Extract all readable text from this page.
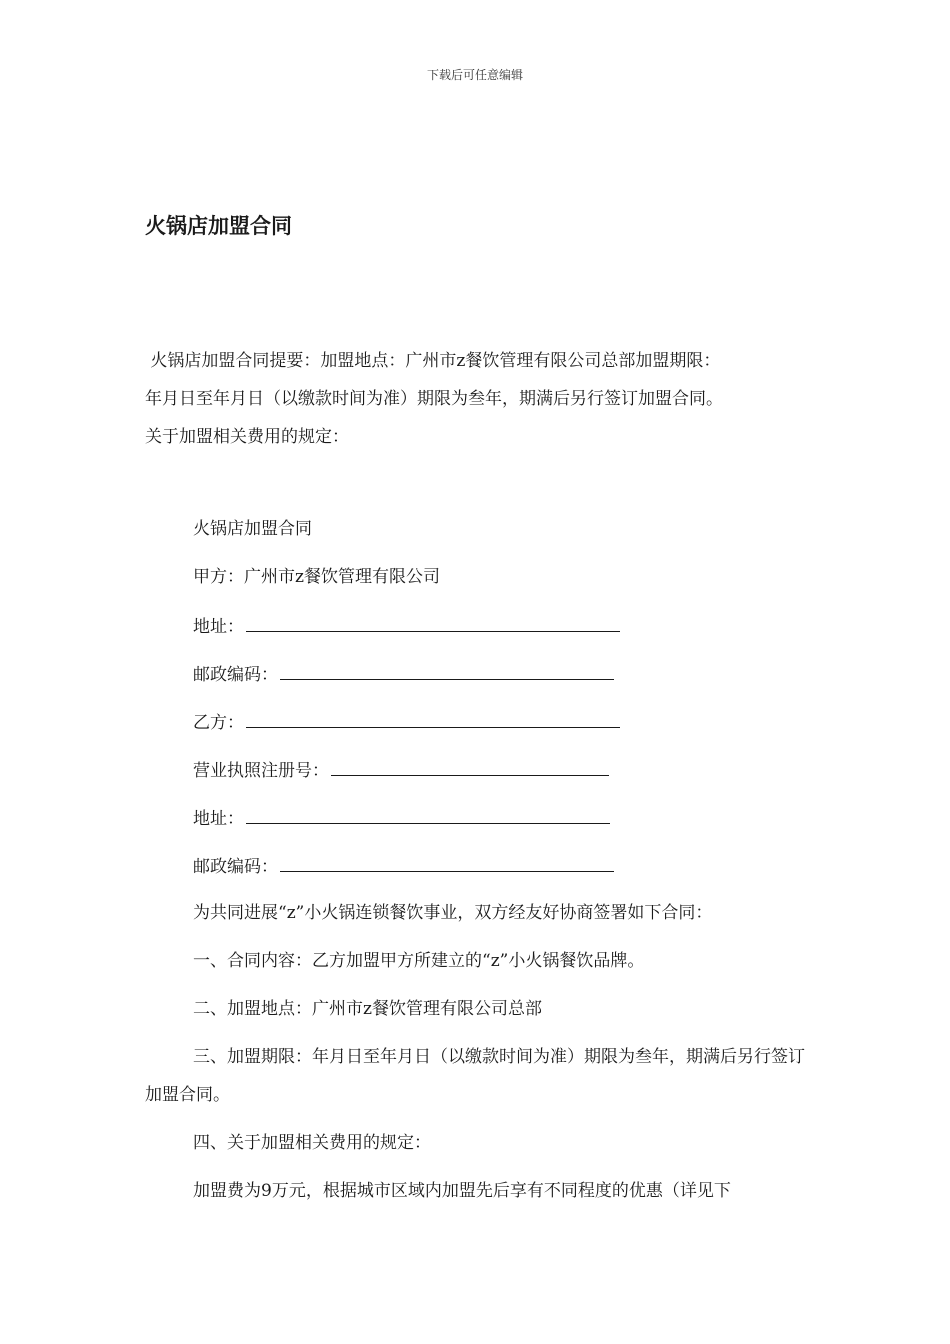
下载后可任意编辑
火锅店加盟合同
火锅店加盟合同提要：加盟地点：广州市z餐饮管理有限公司总部加盟期限：
年月日至年月日（以缴款时间为准）期限为叁年，期满后另行签订加盟合同。
关于加盟相关费用的规定：
火锅店加盟合同
甲方：广州市z餐饮管理有限公司
地址：
邮政编码：
乙方：
营业执照注册号：
地址：
邮政编码：
为共同进展“z”小火锅连锁餐饮事业，双方经友好协商签署如下合同：
一、合同内容：乙方加盟甲方所建立的“z”小火锅餐饮品牌。
二、加盟地点：广州市z餐饮管理有限公司总部

三、加盟期限：年月日至年月日（以缴款时间为准）期限为叁年，期满后另行签订加盟合同。

四、关于加盟相关费用的规定：
加盟费为9万元，根据城市区域内加盟先后享有不同程度的优惠（详见下
